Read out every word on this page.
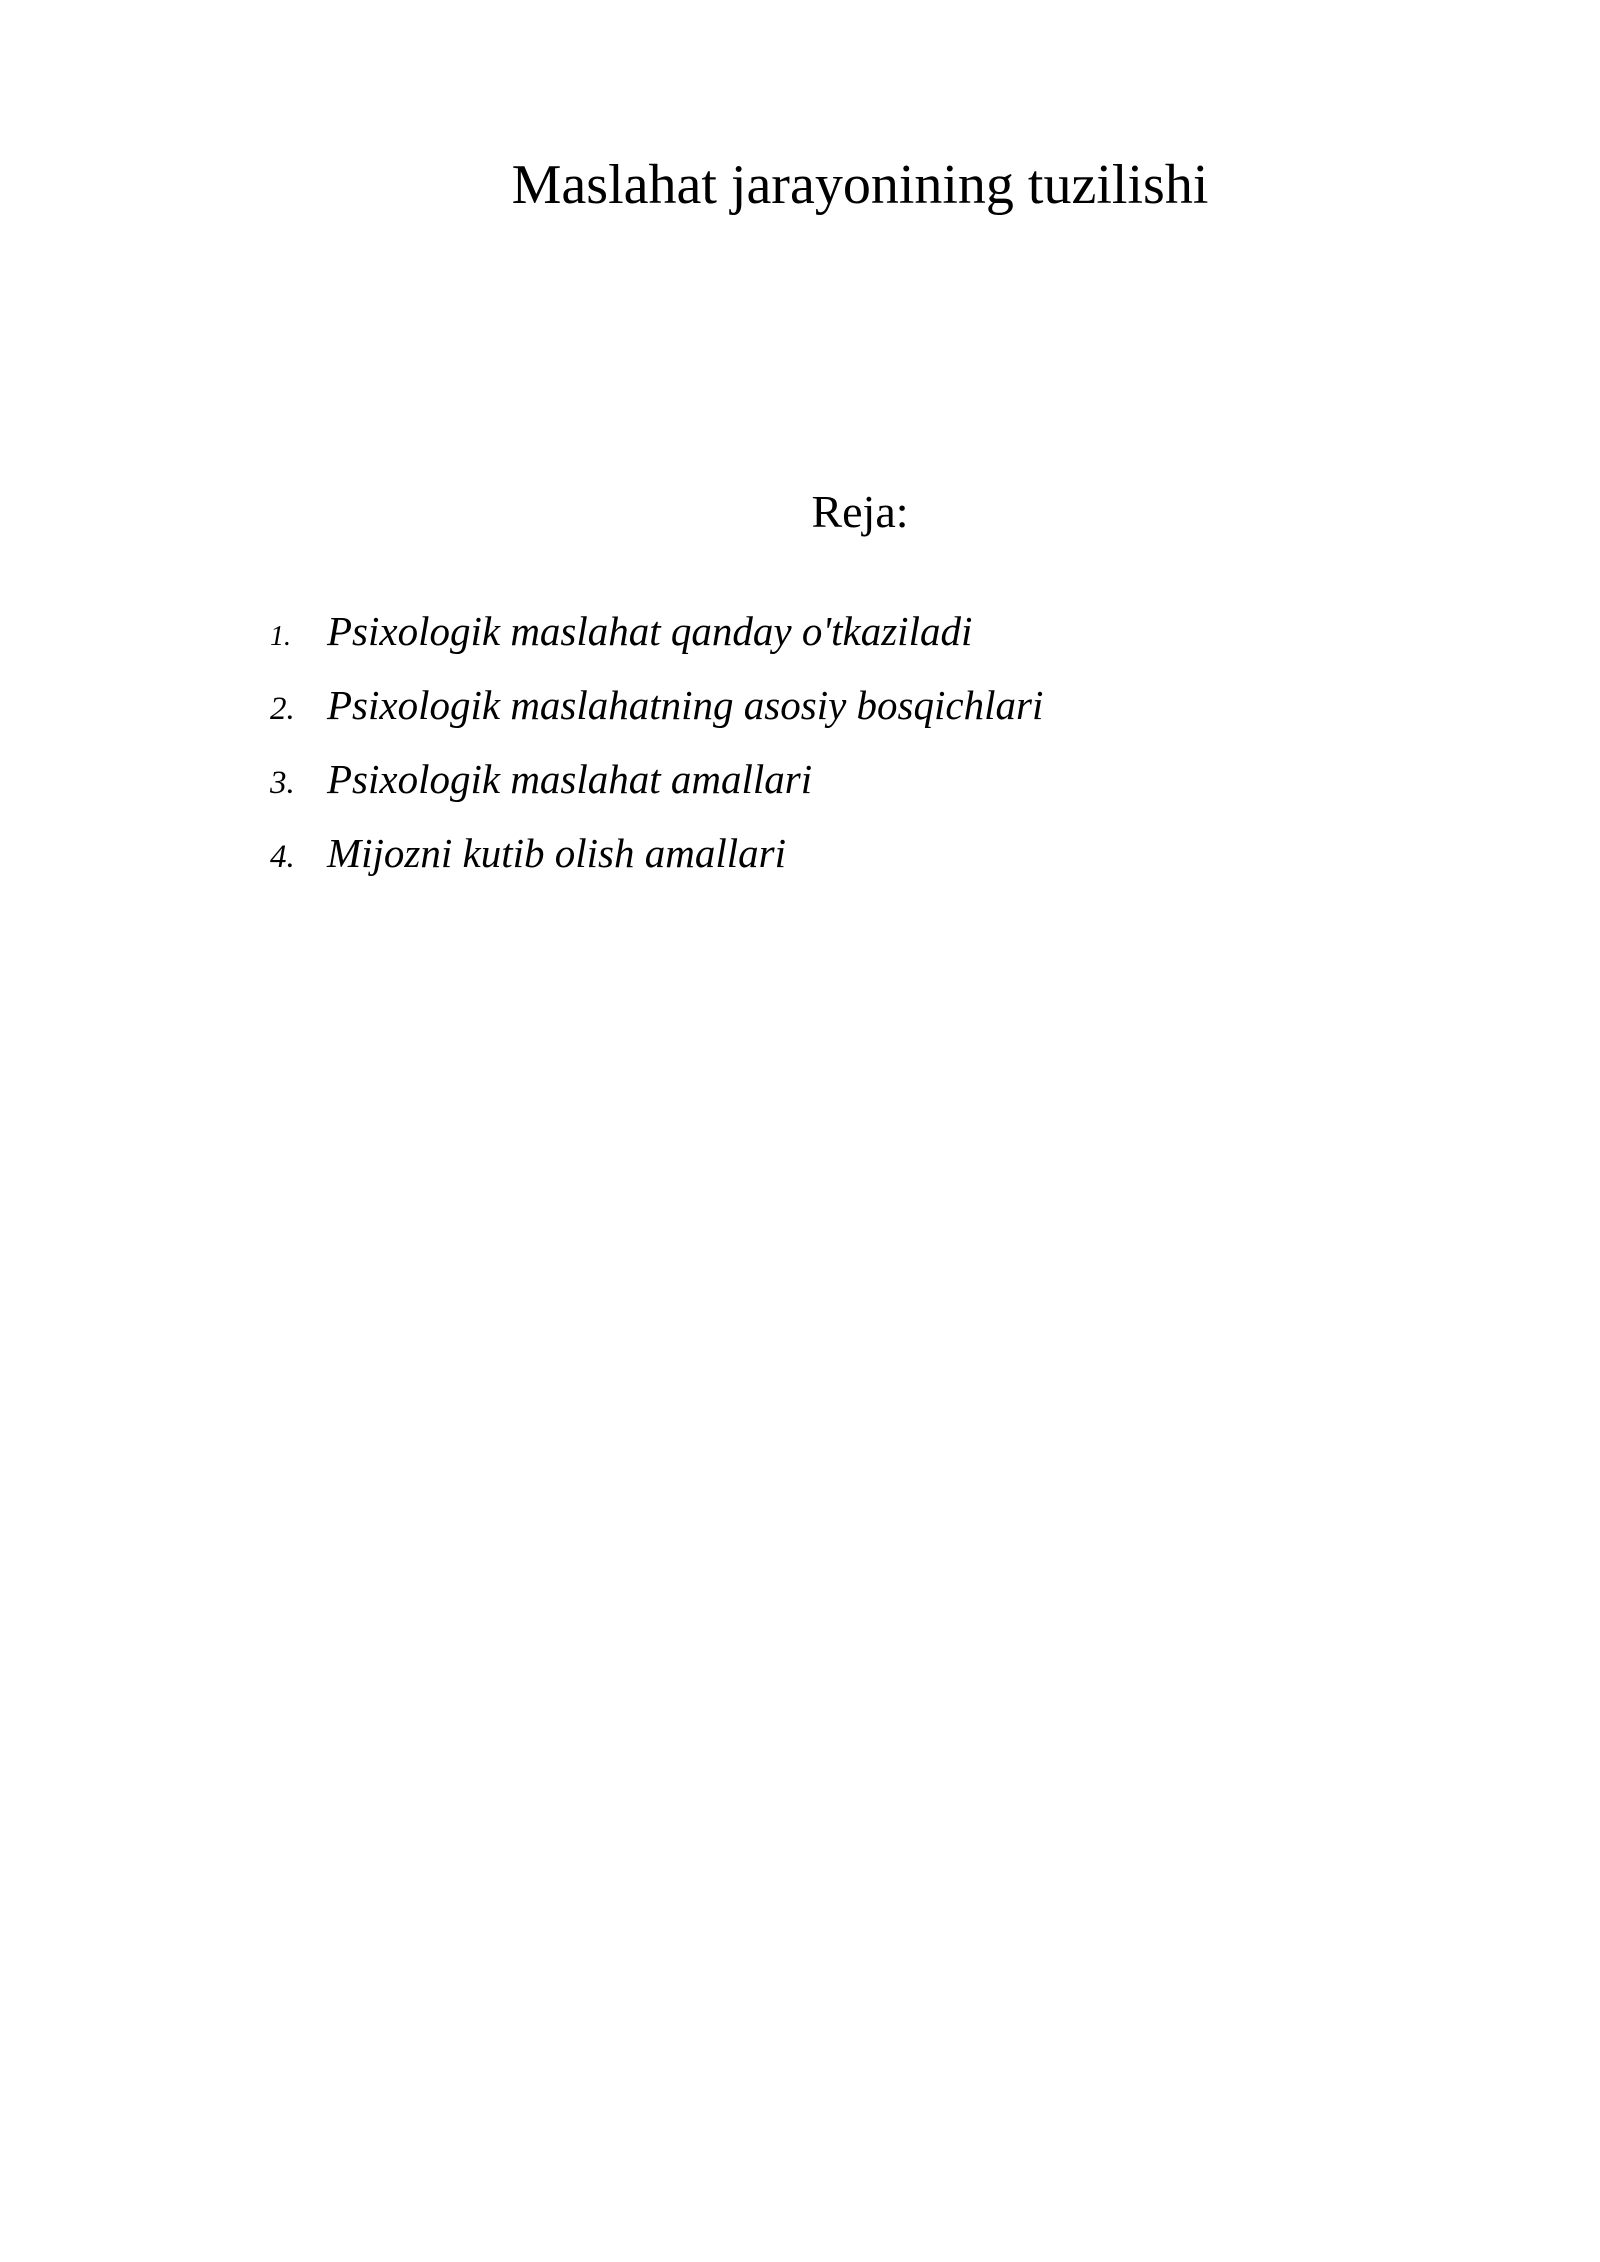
Maslahat jarayonining tuzilishi
Reja:
1. Psixologik maslahat qanday o'tkaziladi
2. Psixologik maslahatning asosiy bosqichlari
3. Psixologik maslahat amallari
4. Mijozni kutib olish amallari
